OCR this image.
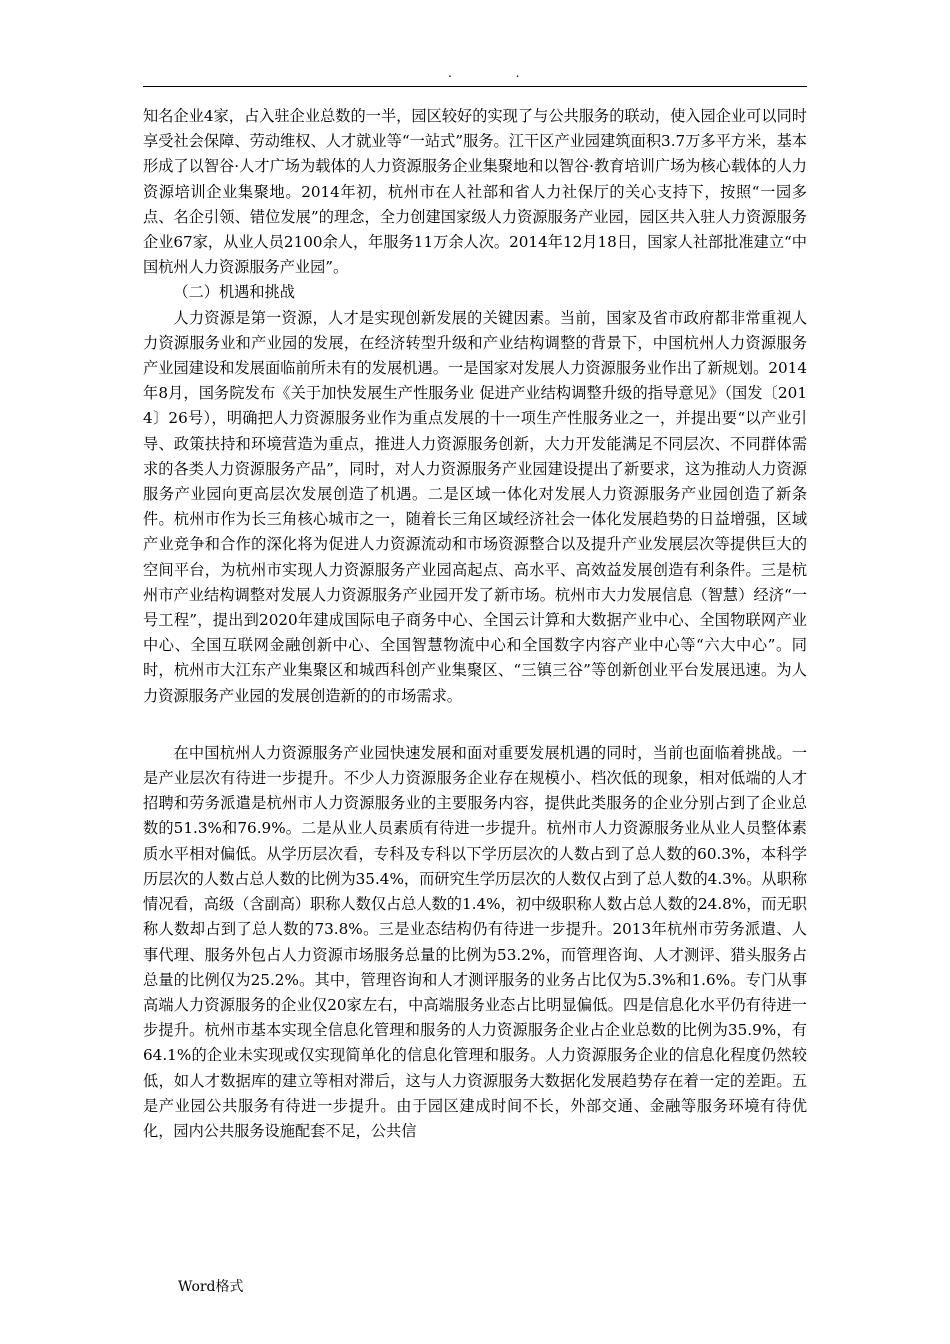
. .

知名企业4家，占入驻企业总数的一半，园区较好的实现了与公共服务的联动，使入园企业可以同时享受社会保障、劳动维权、人才就业等“一站式”服务。江干区产业园建筑面积3.7万多平方米，基本形成了以智谷·人才广场为载体的人力资源服务企业集聚地和以智谷·教育培训广场为核心载体的人力资源培训企业集聚地。2014年初，杭州市在人社部和省人力社保厅的关心支持下，按照“一园多点、名企引领、错位发展”的理念，全力创建国家级人力资源服务产业园，园区共入驻人力资源服务企业67家，从业人员2100余人，年服务11万余人次。2014年12月18日，国家人社部批准建立“中国杭州人力资源服务产业园”。

（二）机遇和挑战

人力资源是第一资源，人才是实现创新发展的关键因素。当前，国家及省市政府都非常重视人力资源服务业和产业园的发展，在经济转型升级和产业结构调整的背景下，中国杭州人力资源服务产业园建设和发展面临前所未有的发展机遇。一是国家对发展人力资源服务业作出了新规划。2014年8月，国务院发布《关于加快发展生产性服务业 促进产业结构调整升级的指导意见》（国发〔2014〕26号），明确把人力资源服务业作为重点发展的十一项生产性服务业之一，并提出要“以产业引导、政策扶持和环境营造为重点，推进人力资源服务创新，大力开发能满足不同层次、不同群体需求的各类人力资源服务产品”，同时，对人力资源服务产业园建设提出了新要求，这为推动人力资源服务产业园向更高层次发展创造了机遇。二是区域一体化对发展人力资源服务产业园创造了新条件。杭州市作为长三角核心城市之一，随着长三角区域经济社会一体化发展趋势的日益增强，区域产业竞争和合作的深化将为促进人力资源流动和市场资源整合以及提升产业发展层次等提供巨大的空间平台，为杭州市实现人力资源服务产业园高起点、高水平、高效益发展创造有利条件。三是杭州市产业结构调整对发展人力资源服务产业园开发了新市场。杭州市大力发展信息（智慧）经济“一号工程”，提出到2020年建成国际电子商务中心、全国云计算和大数据产业中心、全国物联网产业中心、全国互联网金融创新中心、全国智慧物流中心和全国数字内容产业中心等“六大中心”。同时，杭州市大江东产业集聚区和城西科创产业集聚区、“三镇三谷”等创新创业平台发展迅速。为人力资源服务产业园的发展创造新的的市场需求。

在中国杭州人力资源服务产业园快速发展和面对重要发展机遇的同时，当前也面临着挑战。一是产业层次有待进一步提升。不少人力资源服务企业存在规模小、档次低的现象，相对低端的人才招聘和劳务派遣是杭州市人力资源服务业的主要服务内容，提供此类服务的企业分别占到了企业总数的51.3%和76.9%。二是从业人员素质有待进一步提升。杭州市人力资源服务业从业人员整体素质水平相对偏低。从学历层次看，专科及专科以下学历层次的人数占到了总人数的60.3%，本科学历层次的人数占总人数的比例为35.4%，而研究生学历层次的人数仅占到了总人数的4.3%。从职称情况看，高级（含副高）职称人数仅占总人数的1.4%，初中级职称人数占总人数的24.8%，而无职称人数却占到了总人数的73.8%。三是业态结构仍有待进一步提升。2013年杭州市劳务派遣、人事代理、服务外包占人力资源市场服务总量的比例为53.2%，而管理咨询、人才测评、猎头服务占总量的比例仅为25.2%。其中，管理咨询和人才测评服务的业务占比仅为5.3%和1.6%。专门从事高端人力资源服务的企业仅20家左右，中高端服务业态占比明显偏低。四是信息化水平仍有待进一步提升。杭州市基本实现全信息化管理和服务的人力资源服务企业占企业总数的比例为35.9%，有64.1%的企业未实现或仅实现简单化的信息化管理和服务。人力资源服务企业的信息化程度仍然较低，如人才数据库的建立等相对滞后，这与人力资源服务大数据化发展趋势存在着一定的差距。五是产业园公共服务有待进一步提升。由于园区建成时间不长，外部交通、金融等服务环境有待优化，园内公共服务设施配套不足，公共信

Word格式
